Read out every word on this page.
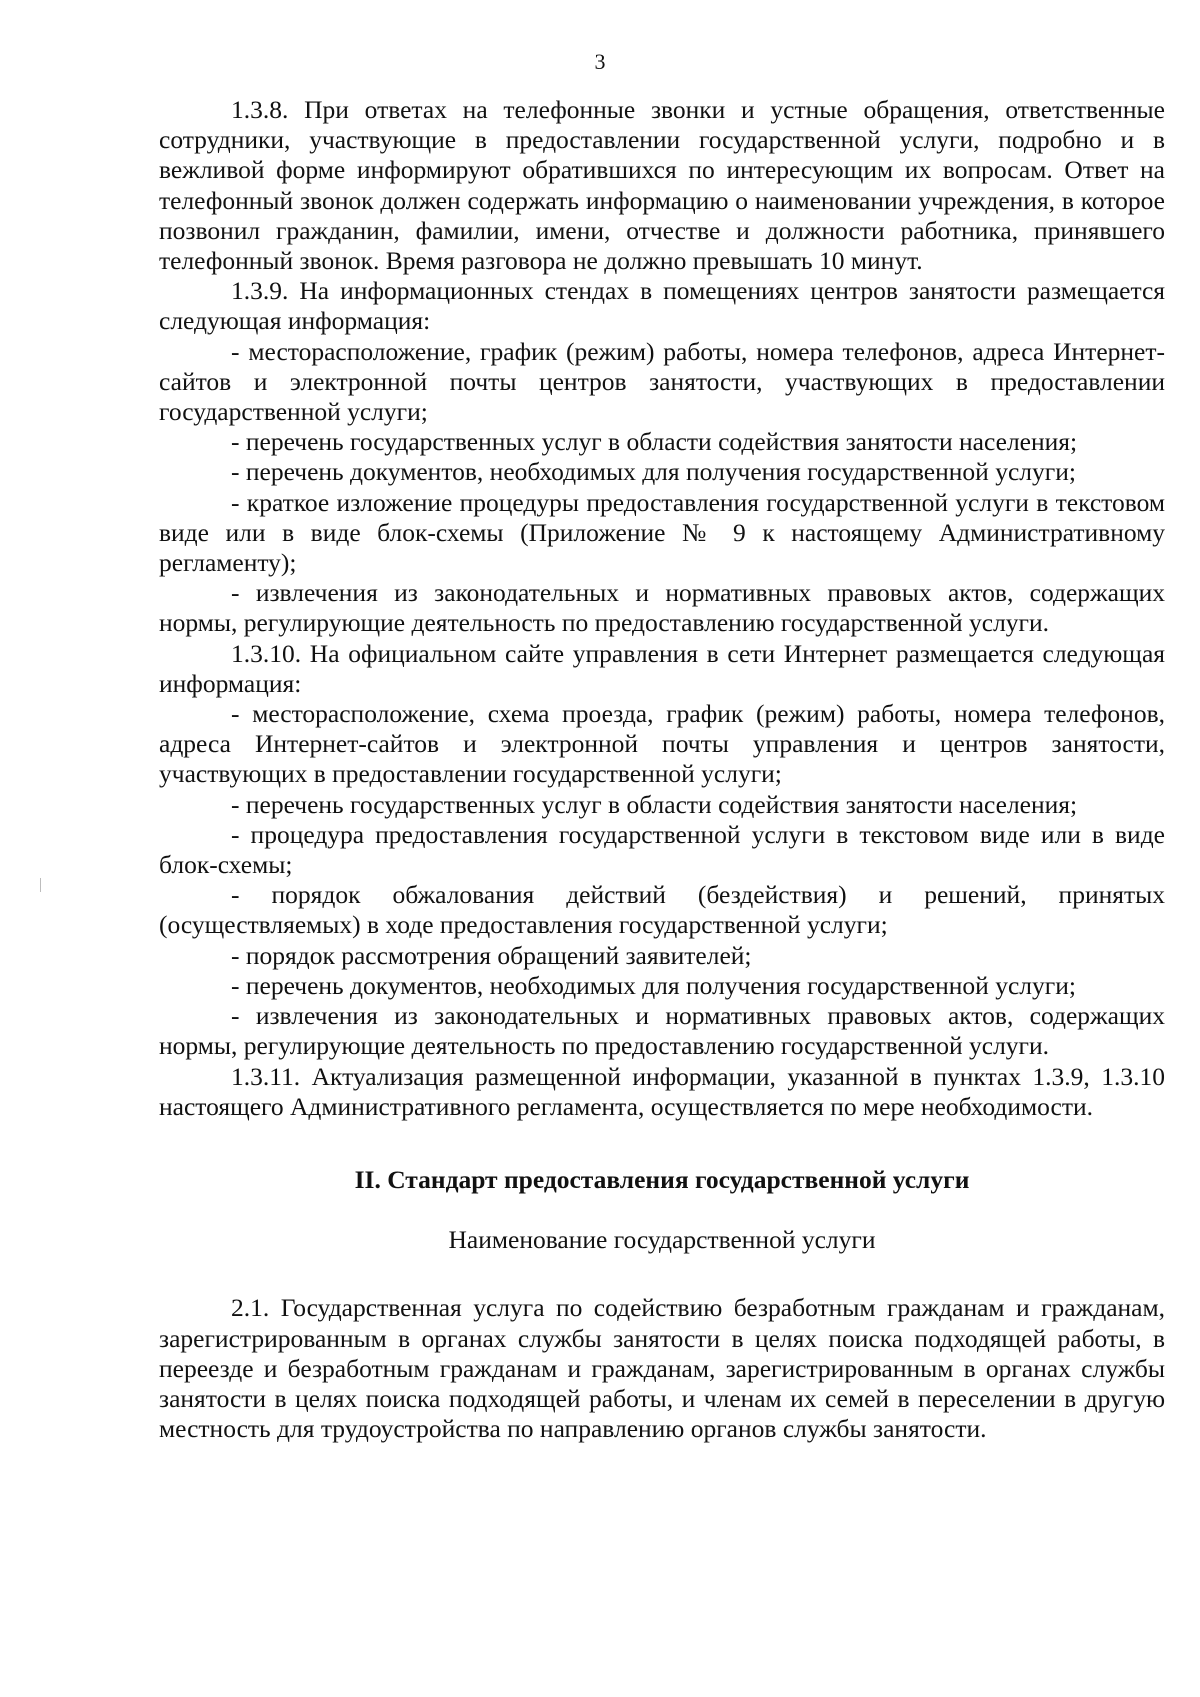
3

1.3.8. При ответах на телефонные звонки и устные обращения, ответственные сотрудники, участвующие в предоставлении государственной услуги, подробно и в вежливой форме информируют обратившихся по интересующим их вопросам. Ответ на телефонный звонок должен содержать информацию о наименовании учреждения, в которое позвонил гражданин, фамилии, имени, отчестве и должности работника, принявшего телефонный звонок. Время разговора не должно превышать 10 минут.

1.3.9. На информационных стендах в помещениях центров занятости размещается следующая информация:

- месторасположение, график (режим) работы, номера телефонов, адреса Интернет-сайтов и электронной почты центров занятости, участвующих в предоставлении государственной услуги;

- перечень государственных услуг в области содействия занятости населения;

- перечень документов, необходимых для получения государственной услуги;

- краткое изложение процедуры предоставления государственной услуги в текстовом виде или в виде блок-схемы (Приложение № 9 к настоящему Административному регламенту);

- извлечения из законодательных и нормативных правовых актов, содержащих нормы, регулирующие деятельность по предоставлению государственной услуги.

1.3.10. На официальном сайте управления в сети Интернет размещается следующая информация:

- месторасположение, схема проезда, график (режим) работы, номера телефонов, адреса Интернет-сайтов и электронной почты управления и центров занятости, участвующих в предоставлении государственной услуги;

- перечень государственных услуг в области содействия занятости населения;

- процедура предоставления государственной услуги в текстовом виде или в виде блок-схемы;

- порядок обжалования действий (бездействия) и решений, принятых (осуществляемых) в ходе предоставления государственной услуги;

- порядок рассмотрения обращений заявителей;

- перечень документов, необходимых для получения государственной услуги;

- извлечения из законодательных и нормативных правовых актов, содержащих нормы, регулирующие деятельность по предоставлению государственной услуги.

1.3.11. Актуализация размещенной информации, указанной в пунктах 1.3.9, 1.3.10 настоящего Административного регламента, осуществляется по мере необходимости.

II. Стандарт предоставления государственной услуги

Наименование государственной услуги

2.1. Государственная услуга по содействию безработным гражданам и гражданам, зарегистрированным в органах службы занятости в целях поиска подходящей работы, в переезде и безработным гражданам и гражданам, зарегистрированным в органах службы занятости в целях поиска подходящей работы, и членам их семей в переселении в другую местность для трудоустройства по направлению органов службы занятости.
